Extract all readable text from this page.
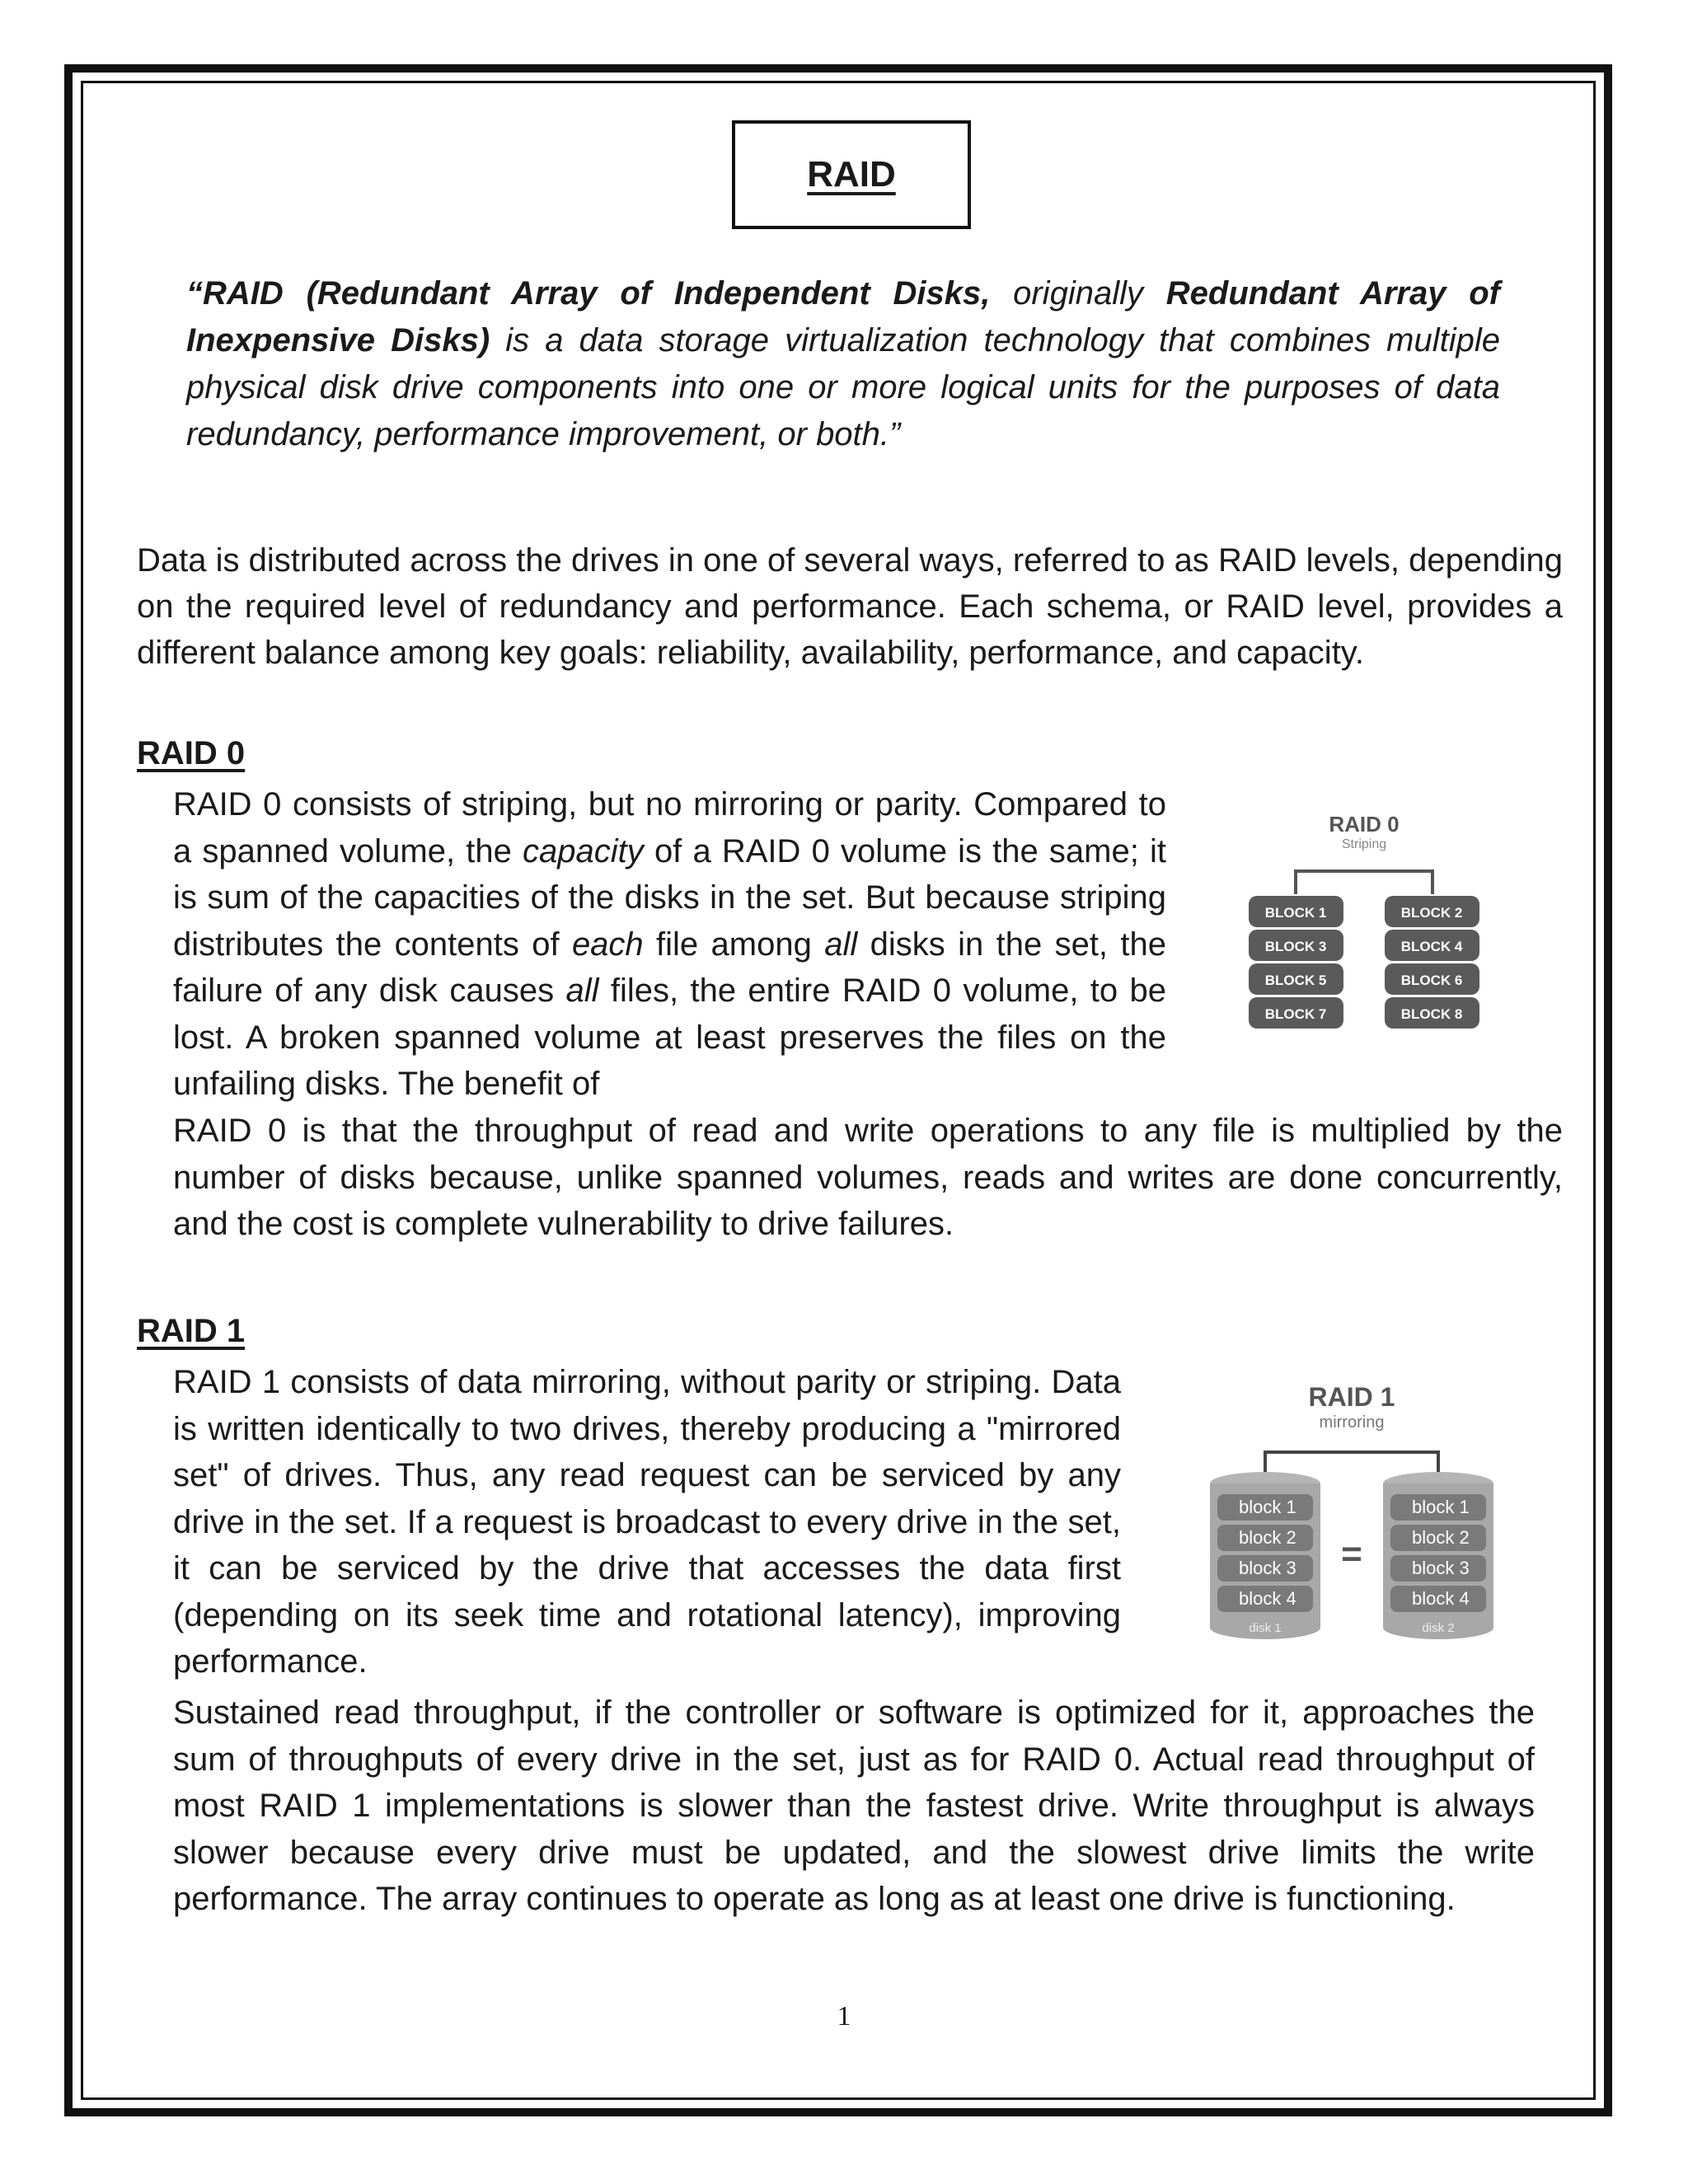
RAID
“RAID (Redundant Array of Independent Disks, originally Redundant Array of Inexpensive Disks) is a data storage virtualization technology that combines multiple physical disk drive components into one or more logical units for the purposes of data redundancy, performance improvement, or both.”
Data is distributed across the drives in one of several ways, referred to as RAID levels, depending on the required level of redundancy and performance. Each schema, or RAID level, provides a different balance among key goals: reliability, availability, performance, and capacity.
RAID 0
RAID 0 consists of striping, but no mirroring or parity. Compared to a spanned volume, the capacity of a RAID 0 volume is the same; it is sum of the capacities of the disks in the set. But because striping distributes the contents of each file among all disks in the set, the failure of any disk causes all files, the entire RAID 0 volume, to be lost. A broken spanned volume at least preserves the files on the unfailing disks. The benefit of
RAID 0 is that the throughput of read and write operations to any file is multiplied by the number of disks because, unlike spanned volumes, reads and writes are done concurrently, and the cost is complete vulnerability to drive failures.
RAID 0
Striping
BLOCK 1
BLOCK 3
BLOCK 5
BLOCK 7
BLOCK 2
BLOCK 4
BLOCK 6
BLOCK 8
RAID 1
RAID 1 consists of data mirroring, without parity or striping. Data is written identically to two drives, thereby producing a "mirrored set" of drives. Thus, any read request can be serviced by any drive in the set. If a request is broadcast to every drive in the set, it can be serviced by the drive that accesses the data first (depending on its seek time and rotational latency), improving performance.
Sustained read throughput, if the controller or software is optimized for it, approaches the sum of throughputs of every drive in the set, just as for RAID 0. Actual read throughput of most RAID 1 implementations is slower than the fastest drive. Write throughput is always slower because every drive must be updated, and the slowest drive limits the write performance. The array continues to operate as long as at least one drive is functioning.
RAID 1
mirroring
block 1
block 2
block 3
block 4
disk 1
=
block 1
block 2
block 3
block 4
disk 2
1
